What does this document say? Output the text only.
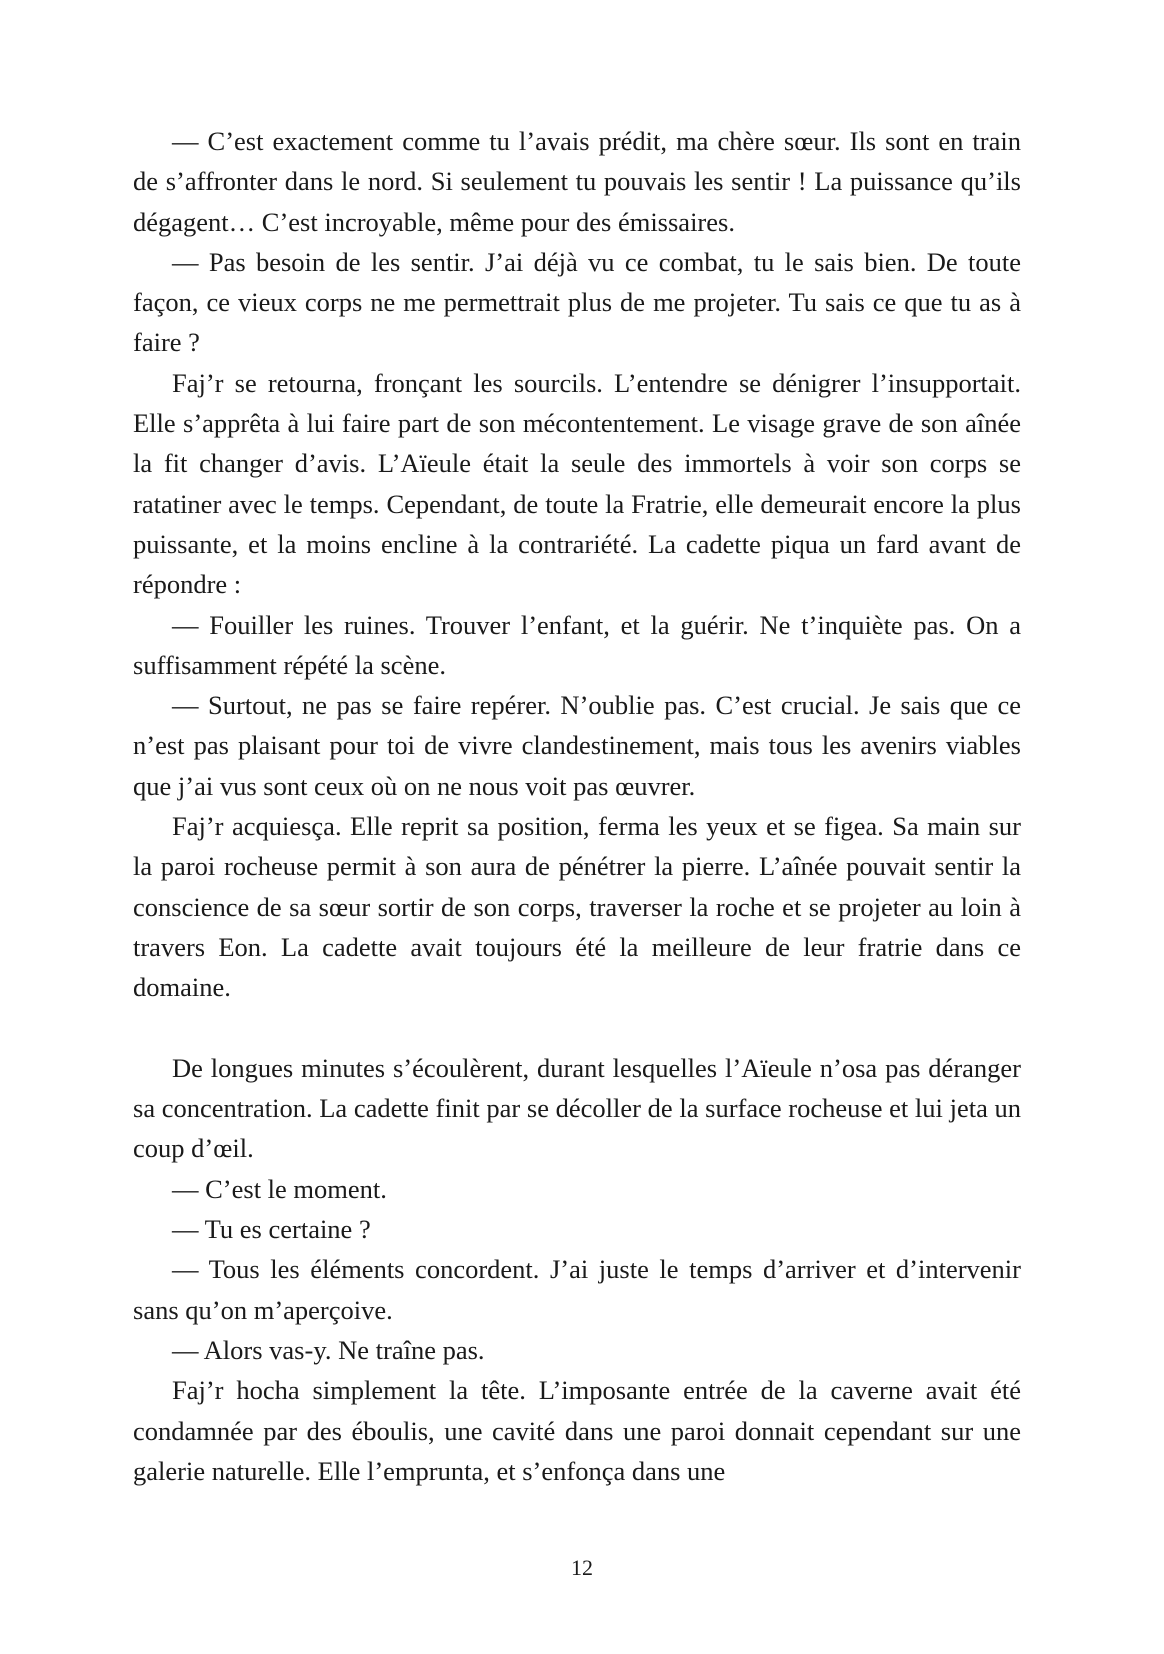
— C’est exactement comme tu l’avais prédit, ma chère sœur. Ils sont en train de s’affronter dans le nord. Si seulement tu pouvais les sentir ! La puissance qu’ils dégagent… C’est incroyable, même pour des émissaires.

— Pas besoin de les sentir. J’ai déjà vu ce combat, tu le sais bien. De toute façon, ce vieux corps ne me permettrait plus de me projeter. Tu sais ce que tu as à faire ?

Faj’r se retourna, fronçant les sourcils. L’entendre se dénigrer l’insupportait. Elle s’apprêta à lui faire part de son mécontentement. Le visage grave de son aînée la fit changer d’avis. L’Aïeule était la seule des immortels à voir son corps se ratatiner avec le temps. Cependant, de toute la Fratrie, elle demeurait encore la plus puissante, et la moins encline à la contrariété. La cadette piqua un fard avant de répondre :

— Fouiller les ruines. Trouver l’enfant, et la guérir. Ne t’inquiète pas. On a suffisamment répété la scène.

— Surtout, ne pas se faire repérer. N’oublie pas. C’est crucial. Je sais que ce n’est pas plaisant pour toi de vivre clandestinement, mais tous les avenirs viables que j’ai vus sont ceux où on ne nous voit pas œuvrer.

Faj’r acquiesça. Elle reprit sa position, ferma les yeux et se figea. Sa main sur la paroi rocheuse permit à son aura de pénétrer la pierre. L’aînée pouvait sentir la conscience de sa sœur sortir de son corps, traverser la roche et se projeter au loin à travers Eon. La cadette avait toujours été la meilleure de leur fratrie dans ce domaine.

De longues minutes s’écoulèrent, durant lesquelles l’Aïeule n’osa pas déranger sa concentration. La cadette finit par se décoller de la surface rocheuse et lui jeta un coup d’œil.

— C’est le moment.

— Tu es certaine ?

— Tous les éléments concordent. J’ai juste le temps d’arriver et d’intervenir sans qu’on m’aperçoive.

— Alors vas-y. Ne traîne pas.

Faj’r hocha simplement la tête. L’imposante entrée de la caverne avait été condamnée par des éboulis, une cavité dans une paroi donnait cependant sur une galerie naturelle. Elle l’emprunta, et s’enfonça dans une

12
